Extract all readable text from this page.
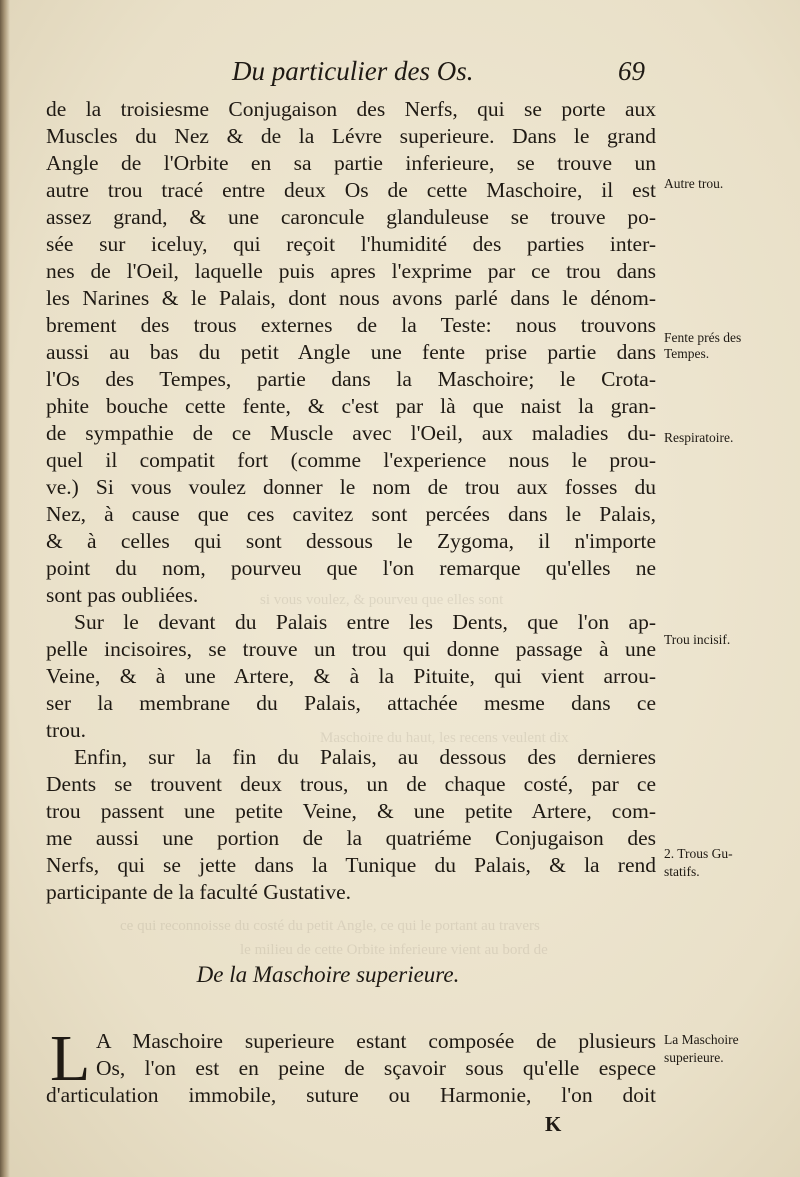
si vous voulez, & pourveu que elles sont
Maschoire du haut, les recens veulent dix
ce qui reconnoisse du costé du petit Angle, ce qui le portant au travers
le milieu de cette Orbite inferieure vient au bord de
Du particulier des Os.	69
de la troisiesme Conjugaison des Nerfs, qui se porte aux
Muscles du Nez & de la Lévre superieure. Dans le grand
Angle de l'Orbite en sa partie inferieure, se trouve un
autre trou tracé entre deux Os de cette Maschoire, il est
assez grand, & une caroncule glanduleuse se trouve po-
sée sur iceluy, qui reçoit l'humidité des parties inter-
nes de l'Oeil, laquelle puis apres l'exprime par ce trou dans
les Narines & le Palais, dont nous avons parlé dans le dénom-
brement des trous externes de la Teste: nous trouvons
aussi au bas du petit Angle une fente prise partie dans
l'Os des Tempes, partie dans la Maschoire; le Crota-
phite bouche cette fente, & c'est par là que naist la gran-
de sympathie de ce Muscle avec l'Oeil, aux maladies du-
quel il compatit fort (comme l'experience nous le prou-
ve.) Si vous voulez donner le nom de trou aux fosses du
Nez, à cause que ces cavitez sont percées dans le Palais,
& à celles qui sont dessous le Zygoma, il n'importe
point du nom, pourveu que l'on remarque qu'elles ne
sont pas oubliées.
Sur le devant du Palais entre les Dents, que l'on ap-
pelle incisoires, se trouve un trou qui donne passage à une
Veine, & à une Artere, & à la Pituite, qui vient arrou-
ser la membrane du Palais, attachée mesme dans ce
trou.
Enfin, sur la fin du Palais, au dessous des dernieres
Dents se trouvent deux trous, un de chaque costé, par ce
trou passent une petite Veine, & une petite Artere, com-
me aussi une portion de la quatriéme Conjugaison des
Nerfs, qui se jette dans la Tunique du Palais, & la rend
participante de la faculté Gustative.
De la Maschoire superieure.
L A Maschoire superieure estant composée de plusieurs
Os, l'on est en peine de sçavoir sous qu'elle espece
d'articulation immobile, suture ou Harmonie, l'on doit
K
Autre trou.
Fente prés des
Tempes.
Respiratoire.
Trou incisif.
2. Trous Gu-
statifs.
La Maschoire
superieure.
